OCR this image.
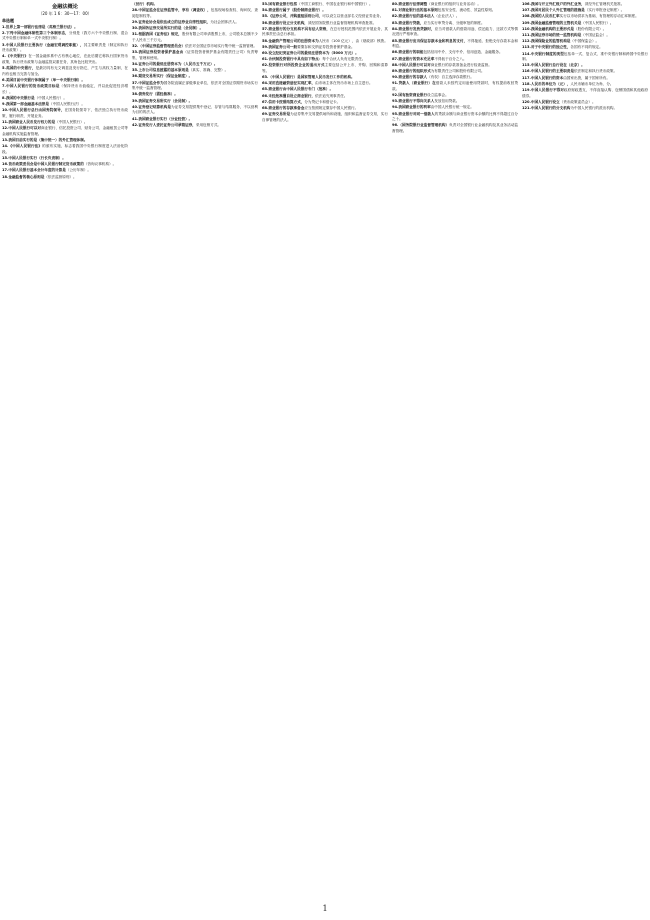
金融法概论
（20 年 1 6：30—17：00）
单选题
1.世界上第一部银行法律是（英格兰银行法）。
2.下列中国金融体制性第三个体制形态，分别是（我方六个中央银行制、混合式中央银行制和单一式中央银行制）。
3.中国人民银行主要执行（金融宏观调控职能），其主要职责是（制定和执行货币政策）。
4.《中央银行》在一国金融体系中占有核心地位，在此后期它称执行国家货币政策，执行货币政策与金融监管双重任务，其角色比较突出。
5.英国的中央银行，是最初具有无文调显及发行指它，产生与高权力量制，在内有也相当完善与加全。
6.美国目前中央银行体制属于（单一中央银行制）。
7.中国人民银行的货币政策目标是（保持货币币值稳定，并以此促进经济增长）。
8.我国的中央银行是（中国人民银行）。
9.我国第一部金融基本法律是（中国人民银行法）。
10.中国人民银行总行由国务院领导，在国务院领导下，依法独立执行货币政策，履行职责，开展业务。
11.我国商业人民币发行权力的是（中国人民银行）。
12.中国人民银行可以对商业银行、信托投资公司、财务公司、金融租赁公司等金融机构实施监督管理。
13.我国目前实行的是（集中统一）的外汇管理体制。
14.《中国人民银行法》的颁布实施，标志着我国中央银行制度进入法治化阶段。
15.中国人民银行实行（行长负责制）。
16.货币政策委员会是中国人民银行制定货币政策的（咨询议事机构）。
17.中国人民银行基本会计年度的计算是（公历年制）。
18.金融监督的核心原则是（依法监督原则）。
（县行）机构。
28.中国证监会在证券监管中，享有（调查权），包括现场检查权、询问权、查阅复制权等。
29.证券业协会是依法成立的证券业自律性组织，为社会团体法人。
30.我国各证券交易所实行的是（会员制）。
31.根据我国《证券法》规定，股份有限公司申请股票上市，公司股本总额不少于人民币三千万元。
32.（中国证券监督管理委员会）依法对全国证券市场实行集中统一监督管理。
33.我国证券投资者保护基金由（证券投资者保护基金有限责任公司）负责筹集、管理和使用。
34.证券公司的最低注册资本为（人民币五千万元）。
35.上市公司信息披露的基本原则是（真实、准确、完整）。
36.期货交易所实行（保证金制度）。
37.中国证监会作为国务院直属正部级事业单位，依法对全国证券期货市场实行集中统一监督管理。
38.债券发行（需经核准）。
39.我国证券交易所实行（会员制）。
40.证券登记结算机构是为证券交易提供集中登记、存管与结算服务，不以营利为目的的法人。
41.我国商业银行实行（分业经营）。
42.证券发行人委托证券公司承销证券，采用包销方式。
53.国有商业银行包括（中国工商银行、中国农业银行和中国银行）。
54.商业银行属于（股份制商业银行）。
55.《证券公司，并购重组原则公司，可以设立以营业部名义经营证券业务。
56.商业银行设立分支机构，须经国务院银行业监督管理机构审查批准。
57.商业银行的分支机构不具有法人资格，在总行授权范围内依法开展业务，其民事责任由总行承担。
58.金融资产管理公司的注册资本为人民币（100 亿元），由（财政部）核拨。
59.我国证券公司一般要缴存和交纳证券投资者保护基金。
60.设立经纪类证券公司的最低注册资本为（5000 万元）。
61.合伙制投资银行中具有如下特点：每个合伙人负有无限责任。
62.投资银行对所投资企业的退出方式主要包括公开上市、并购、回购和清算等。
63.（中国人民银行）是国家管理人民币发行工作的机构。
64.采用直接融资途径实现汇率，由市场主体在货币市场上自主进行。
65.商业银行由中国人民银行专门（批准）。
66.未经批准擅自设立商业银行，依法追究刑事责任。
67.信用卡按照结算方式，分为贷记卡和借记卡。
68.商业银行的存款准备金应当按照规定缴存中国人民银行。
69.证券交易所是为证券集中交易提供场所和设施，组织和监督证券交易，实行自律管理的法人。
80.商业银行法律调整（商业银行的组织与业务活动）。
81.对商业银行法的基本原则包括安全性、流动性、效益性原则。
82.商业银行法的基本法人（企业法人）。
83.商业银行贷款，应当实行审贷分离、分级审批的制度。
84.商业银行发放贷款时，应当对借款人的借款用途、偿还能力、还款方式等情况进行严格审查。
85.商业银行应当保证存款本金和利息的支付，不得拖延、拒绝支付存款本金和利息。
86.商业银行的职能包括信用中介、支付中介、信用创造、金融服务。
87.商业银行的资本充足率不得低于百分之八。
88.中国人民银行可以对商业银行的存款准备金进行检查监督。
89.商业银行的组织形式为有限责任公司和股份有限公司。
90.商业银行的存款人（有权）自主选择存款银行。
91.贷款人（商业银行）在借款人未按约定用途使用贷款时，有权提前收回贷款。
92.国有独资商业银行设立监事会。
93.商业银行不得向关系人发放信用贷款。
94.我国商业银行的利率由中国人民银行统一规定。
95.商业银行对同一借款人的贷款余额与商业银行资本余额的比例不得超过百分之十。
96.（国务院银行业监督管理机构）负责对全国银行业金融机构及其业务活动监督管理。
106.我国与开立外汇账户的外汇业务，须经外汇管理机关批准。
107.我国对居民个人外汇管理的措施是（实行申报登记制度）。
108.我国的人民币汇率实行以市场供求为基础、有管理的浮动汇率制度。
109.我国金融监督管理的主管机关是（中国人民银行）。
110.我国金融机构的主要形式是（股份有限公司）。
111.我国证券市场的统一监管机构是（中国证监会）。
112.我国保险业的监管机构是（中国保监会）。
113.对于中央银行的独立性，各国有不同的规定。
114.中央银行制度的类型包括单一式、复合式、准中央银行制和跨国中央银行制。
115.中国人民银行总行设在（北京）。
116.中国人民银行的主要职责是依法制定和执行货币政策。
117.中国人民银行的资本由国家出资，属于国家所有。
118.人民币的单位为（元），人民币辅币单位为角、分。
119.中国人民银行不得对政府财政透支，不得直接认购、包销国债和其他政府债券。
120.中国人民银行设立（货币政策委员会）。
121.中国人民银行的分支机构为中国人民银行的派出机构。
1
